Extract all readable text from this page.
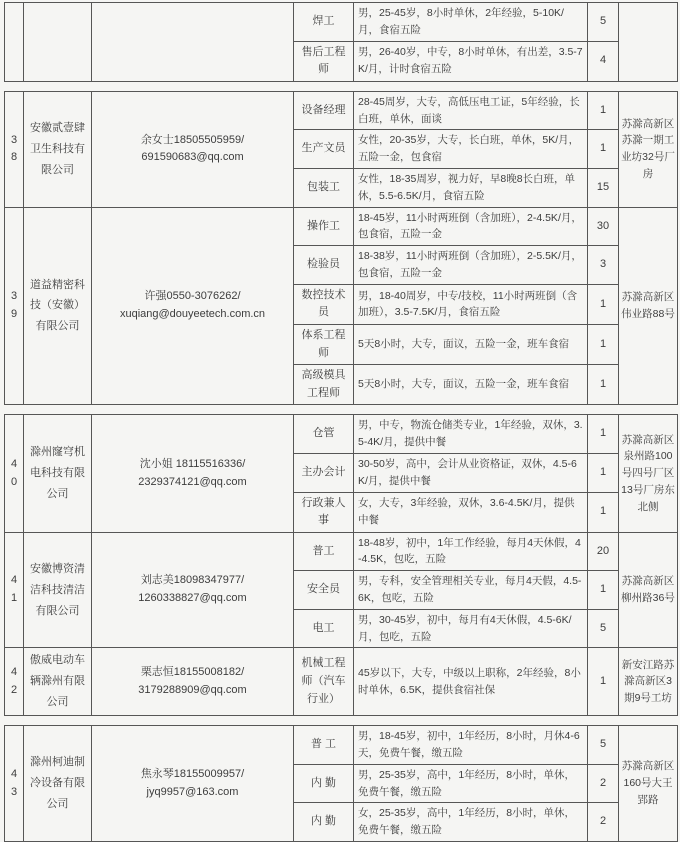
	焊工	男，25-45岁，8小时单休，2年经验，5-10K/月，食宿五险	5	
			售后工程师	男，26-40岁，中专，8小时单休，有出差，3.5-7K/月，计时食宿五险	4	
38	安徽贰壹肆卫生科技有限公司	余女士18505505959/
691590683@qq.com	设备经理	28-45周岁，大专，高低压电工证，5年经验，长白班，单休，面谈	1	苏滁高新区苏滁一期工业坊32号厂房
			生产文员	女性，20-35岁，大专，长白班，单休，5K/月，五险一金，包食宿	1	
			包装工	女性，18-35周岁，视力好，早8晚8长白班，单休，5.5-6.5K/月，食宿五险	15	
39	道益精密科技（安徽）有限公司	许强0550-3076262/
xuqiang@douyeetech.com.cn	操作工	18-45岁，11小时两班倒（含加班），2-4.5K/月，包食宿，五险一金	30	苏滁高新区伟业路88号
			检验员	18-38岁，11小时两班倒（含加班），2-5.5K/月，包食宿，五险一金	3	
			数控技术员	男，18-40周岁，中专/技校，11小时两班倒（含加班），3.5-7.5K/月，食宿五险	1	
			体系工程师	5天8小时，大专，面议，五险一金，班车食宿	1	
			高级模具工程师	5天8小时，大专，面议，五险一金，班车食宿	1	
40	滁州窿穹机电科技有限公司	沈小姐 18115516336/
2329374121@qq.com	仓管	男，中专，物流仓储类专业，1年经验，双休，3.5-4K/月，提供中餐	1	苏滁高新区泉州路100号四号厂区13号厂房东北侧
			主办会计	30-50岁，高中，会计从业资格证，双休，4.5-6K/月，提供中餐	1	
			行政兼人事	女，大专，3年经验，双休，3.6-4.5K/月，提供中餐	1	
41	安徽博资清洁科技清洁有限公司	刘志美18098347977/
1260338827@qq.com	普工	18-48岁，初中，1年工作经验，每月4天休假，4-4.5K，包吃，五险	20	苏滁高新区柳州路36号
			安全员	男，专科，安全管理相关专业，每月4天假，4.5-6K，包吃，五险	1	
			电工	男，30-45岁，初中，每月有4天休假，4.5-6K/月，包吃，五险	5	
42	傲威电动车辆滁州有限公司	栗志恒18155008182/
3179288909@qq.com	机械工程师（汽车行业）	45岁以下，大专，中级以上职称，2年经验，8小时单休，6.5K，提供食宿社保	1	新安江路苏滁高新区3期9号工坊
43	滁州柯迪制冷设备有限公司	焦永琴18155009957/
jyq9957@163.com	普 工	男，18-45岁，初中，1年经历，8小时，月休4-6天，免费午餐，缴五险	5	苏滁高新区160号大王郢路
			内 勤	男，25-35岁，高中，1年经历，8小时，单休，免费午餐，缴五险	2	
			内 勤	女，25-35岁，高中，1年经历，8小时，单休，免费午餐，缴五险	2	
